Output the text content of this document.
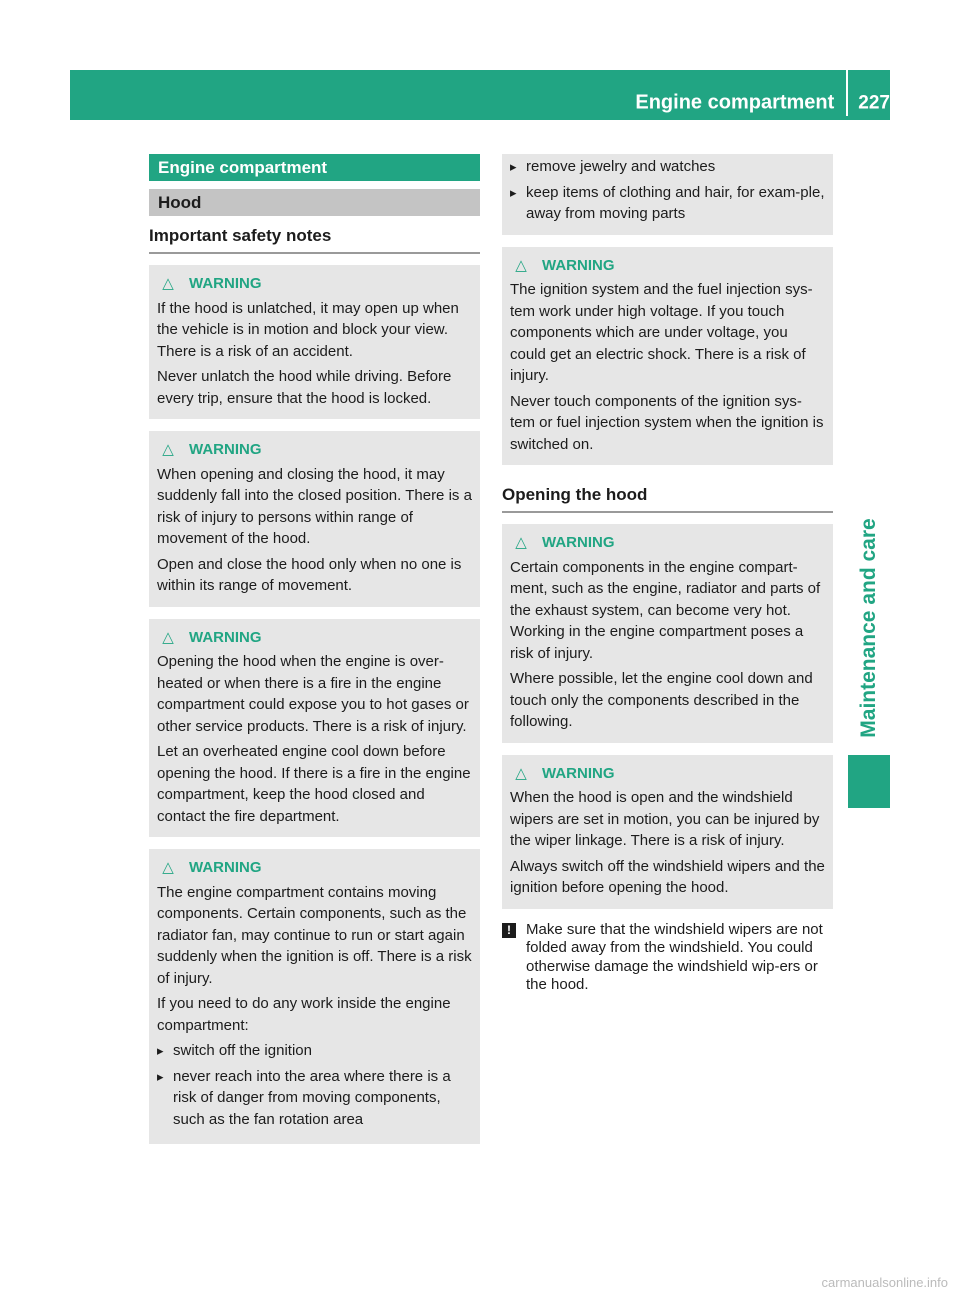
Engine compartment 227
Maintenance and care
Engine compartment
Hood
Important safety notes
△ WARNING

If the hood is unlatched, it may open up when the vehicle is in motion and block your view. There is a risk of an accident.

Never unlatch the hood while driving. Before every trip, ensure that the hood is locked.

△ WARNING

When opening and closing the hood, it may suddenly fall into the closed position. There is a risk of injury to persons within range of movement of the hood.

Open and close the hood only when no one is within its range of movement.

△ WARNING

Opening the hood when the engine is over-heated or when there is a fire in the engine compartment could expose you to hot gases or other service products. There is a risk of injury.

Let an overheated engine cool down before opening the hood. If there is a fire in the engine compartment, keep the hood closed and contact the fire department.

△ WARNING

The engine compartment contains moving components. Certain components, such as the radiator fan, may continue to run or start again suddenly when the ignition is off. There is a risk of injury.

If you need to do any work inside the engine compartment:

▸ switch off the ignition
▸ never reach into the area where there is a risk of danger from moving components, such as the fan rotation area
▸ remove jewelry and watches
▸ keep items of clothing and hair, for exam-ple, away from moving parts
△ WARNING

The ignition system and the fuel injection sys-tem work under high voltage. If you touch components which are under voltage, you could get an electric shock. There is a risk of injury.

Never touch components of the ignition sys-tem or fuel injection system when the ignition is switched on.

Opening the hood
△ WARNING

Certain components in the engine compart-ment, such as the engine, radiator and parts of the exhaust system, can become very hot. Working in the engine compartment poses a risk of injury.

Where possible, let the engine cool down and touch only the components described in the following.

△ WARNING

When the hood is open and the windshield wipers are set in motion, you can be injured by the wiper linkage. There is a risk of injury.

Always switch off the windshield wipers and the ignition before opening the hood.

!	Make sure that the windshield wipers are not folded away from the windshield. You could otherwise damage the windshield wip-ers or the hood.
carmanualsonline.info
